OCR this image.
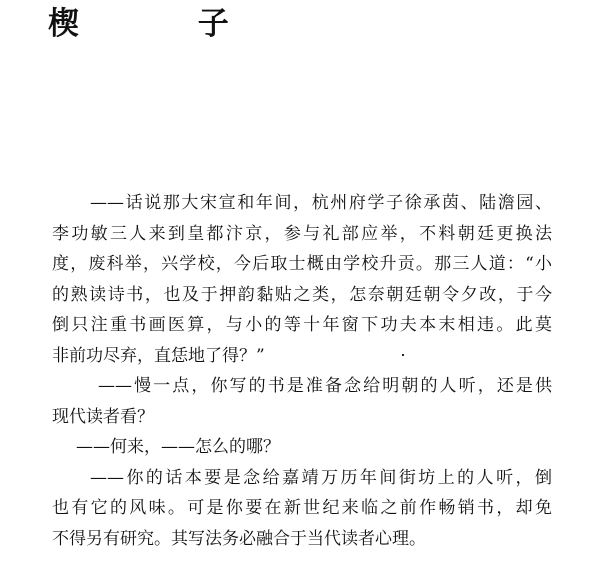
楔 子
——话说那大宋宣和年间，杭州府学子徐承茵、陆澹园、
李功敏三人来到皇都汴京，参与礼部应举，不料朝廷更换法
度，废科举，兴学校，今后取士概由学校升贡。那三人道：“小
的熟读诗书，也及于押韵黏贴之类，怎奈朝廷朝令夕改，于今
倒只注重书画医算，与小的等十年窗下功夫本末相违。此莫
非前功尽弃，直恁地了得？”
——慢一点，你写的书是准备念给明朝的人听，还是供
现代读者看？
——何来，——怎么的哪？
——你的话本要是念给嘉靖万历年间街坊上的人听，倒
也有它的风味。可是你要在新世纪来临之前作畅销书，却免
不得另有研究。其写法务必融合于当代读者心理。
